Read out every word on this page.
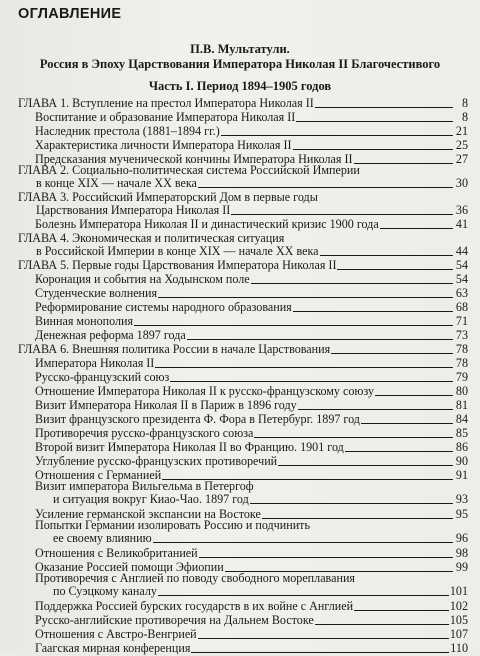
ОГЛАВЛЕНИЕ
П.В. Мультатули.
Россия в Эпоху Царствования Императора Николая II Благочестивого
Часть I. Период 1894–1905 годов
ГЛАВА 1. Вступление на престол Императора Николая II	8
Воспитание и образование Императора Николая II	8
Наследник престола (1881–1894 гг.)	21
Характеристика личности Императора Николая II	25
Предсказания мученической кончины Императора Николая II	27
ГЛАВА 2. Социально-политическая система Российской Империи
в конце XIX — начале XX века	30
ГЛАВА 3. Российский Императорский Дом в первые годы
Царствования Императора Николая II	36
Болезнь Императора Николая II и династический кризис 1900 года	41
ГЛАВА 4. Экономическая и политическая ситуация
в Российской Империи в конце XIX — начале XX века	44
ГЛАВА 5. Первые годы Царствования Императора Николая II	54
Коронация и события на Ходынском поле	54
Студенческие волнения	63
Реформирование системы народного образования	68
Винная монополия	71
Денежная реформа 1897 года	73
ГЛАВА 6. Внешняя политика России в начале Царствования	78
Императора Николая II	78
Русско-французский союз	79
Отношение Императора Николая II к русско-французскому союзу	80
Визит Императора Николая II в Париж в 1896 году	81
Визит французского президента Ф. Фора в Петербург. 1897 год	84
Противоречия русско-французского союза	85
Второй визит Императора Николая II во Францию. 1901 год	86
Углубление русско-французских противоречий	90
Отношения с Германией	91
Визит императора Вильгельма в Петергоф
и ситуация вокруг Киао-Чао. 1897 год	93
Усиление германской экспансии на Востоке	95
Попытки Германии изолировать Россию и подчинить
ее своему влиянию	96
Отношения с Великобританией	98
Оказание Россией помощи Эфиопии	99
Противоречия с Англией по поводу свободного мореплавания
по Суэцкому каналу	101
Поддержка Россией бурских государств в их войне с Англией	102
Русско-английские противоречия на Дальнем Востоке	105
Отношения с Австро-Венгрией	107
Гаагская мирная конференция	110
